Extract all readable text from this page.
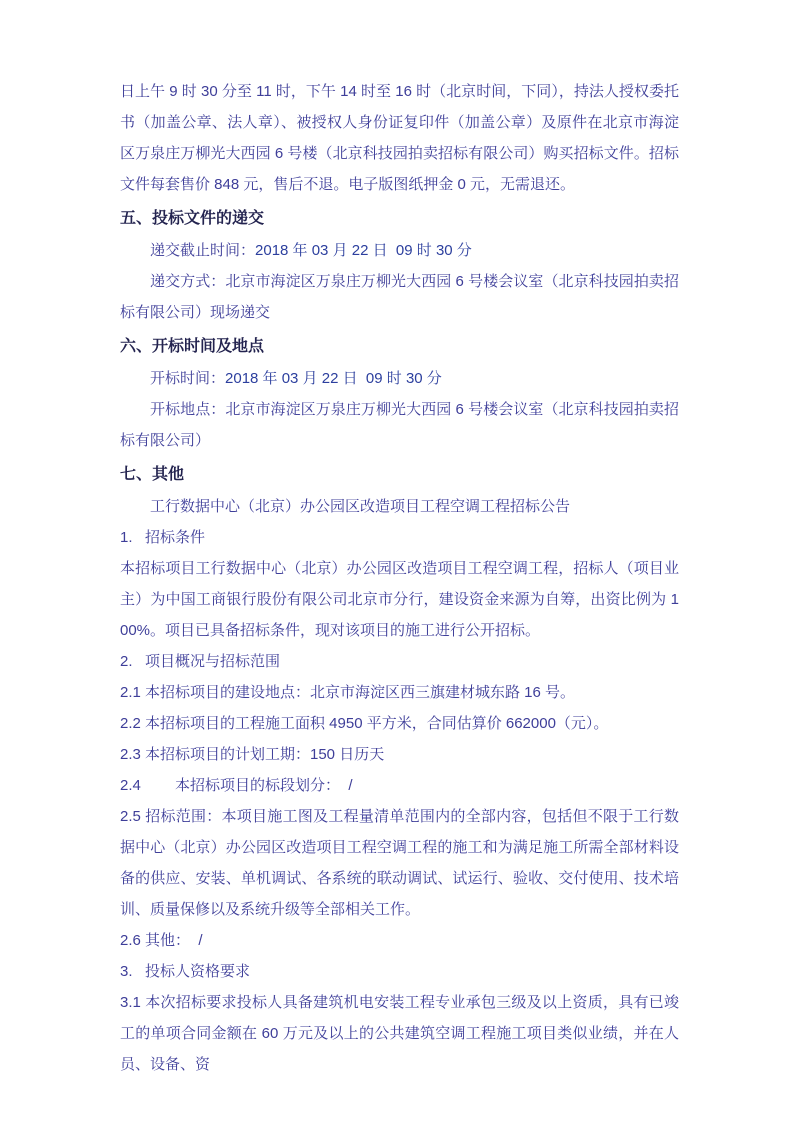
日上午 9 时 30 分至 11 时，下午 14 时至 16 时（北京时间，下同），持法人授权委托书（加盖公章、法人章）、被授权人身份证复印件（加盖公章）及原件在北京市海淀区万泉庄万柳光大西园 6 号楼（北京科技园拍卖招标有限公司）购买招标文件。招标文件每套售价 848 元，售后不退。电子版图纸押金 0 元，无需退还。

五、投标文件的递交

递交截止时间：2018 年 03 月 22 日  09 时 30 分

递交方式：北京市海淀区万泉庄万柳光大西园 6 号楼会议室（北京科技园拍卖招标有限公司）现场递交

六、开标时间及地点

开标时间：2018 年 03 月 22 日  09 时 30 分

开标地点：北京市海淀区万泉庄万柳光大西园 6 号楼会议室（北京科技园拍卖招标有限公司）

七、其他

工行数据中心（北京）办公园区改造项目工程空调工程招标公告

1. 招标条件

本招标项目工行数据中心（北京）办公园区改造项目工程空调工程，招标人（项目业主）为中国工商银行股份有限公司北京市分行，建设资金来源为自筹，出资比例为 100%。项目已具备招标条件，现对该项目的施工进行公开招标。

2. 项目概况与招标范围

2.1 本招标项目的建设地点：北京市海淀区西三旗建材城东路 16 号。

2.2 本招标项目的工程施工面积 4950 平方米，合同估算价 662000（元）。

2.3 本招标项目的计划工期：150 日历天

2.4 本招标项目的标段划分：  /

2.5 招标范围：本项目施工图及工程量清单范围内的全部内容，包括但不限于工行数据中心（北京）办公园区改造项目工程空调工程的施工和为满足施工所需全部材料设备的供应、安装、单机调试、各系统的联动调试、试运行、验收、交付使用、技术培训、质量保修以及系统升级等全部相关工作。

2.6 其他：  /

3. 投标人资格要求

3.1 本次招标要求投标人具备建筑机电安装工程专业承包三级及以上资质，具有已竣工的单项合同金额在 60 万元及以上的公共建筑空调工程施工项目类似业绩，并在人员、设备、资
